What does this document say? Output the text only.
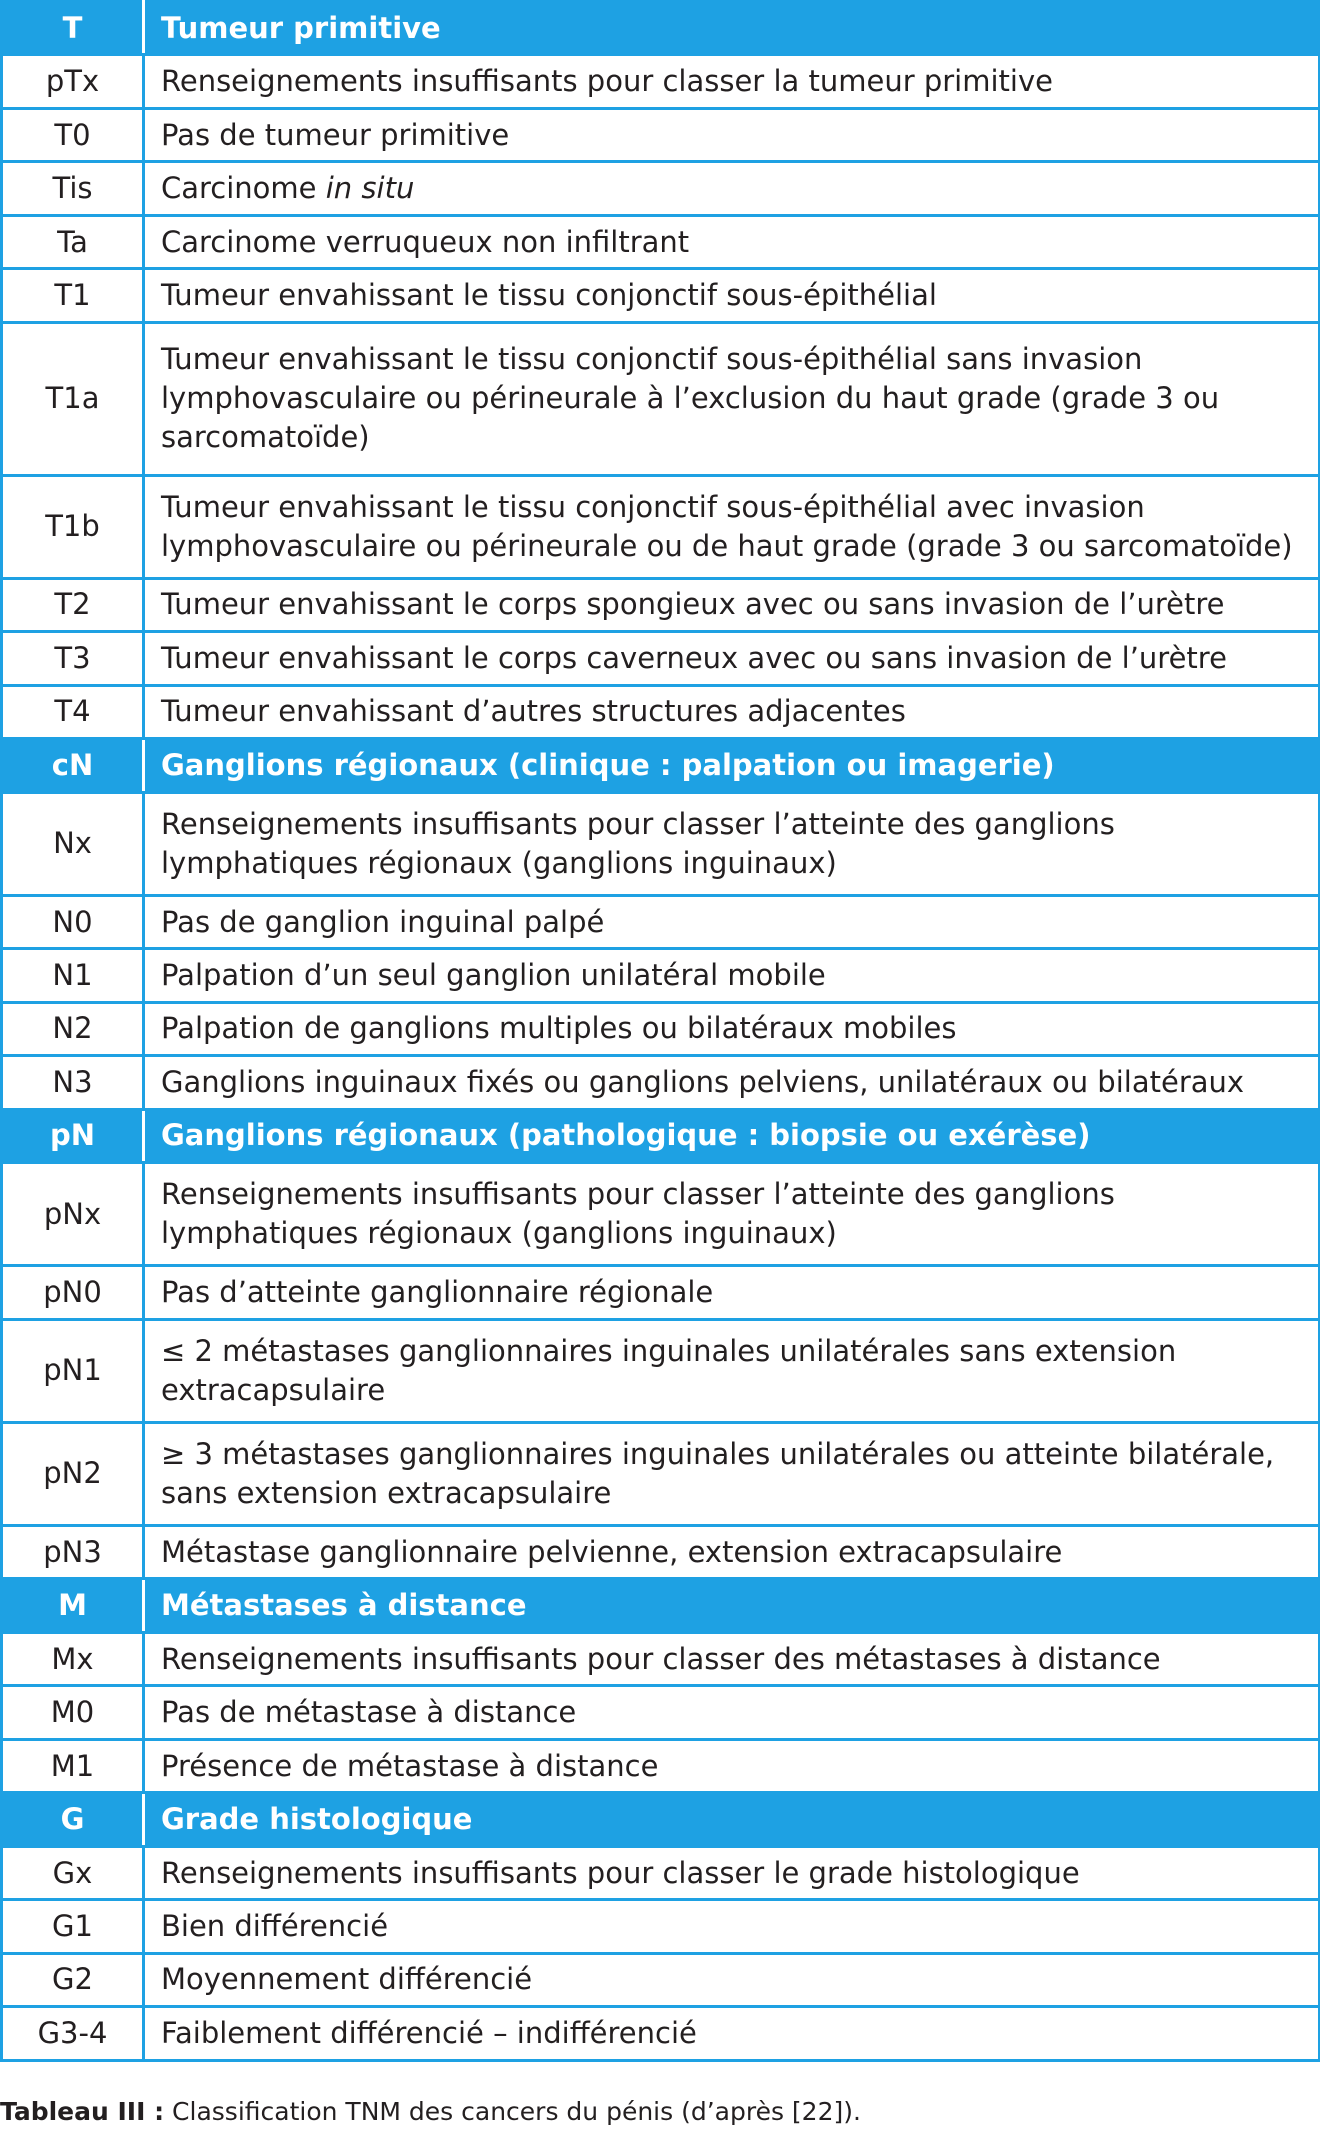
T	Tumeur primitive
pTx	Renseignements insuffisants pour classer la tumeur primitive
T0	Pas de tumeur primitive
Tis	Carcinome in situ
Ta	Carcinome verruqueux non infiltrant
T1	Tumeur envahissant le tissu conjonctif sous-épithélial
T1a	Tumeur envahissant le tissu conjonctif sous-épithélial sans invasion lymphovasculaire ou périneurale à l’exclusion du haut grade (grade 3 ou sarcomatoïde)
T1b	Tumeur envahissant le tissu conjonctif sous-épithélial avec invasion lymphovasculaire ou périneurale ou de haut grade (grade 3 ou sarcomatoïde)
T2	Tumeur envahissant le corps spongieux avec ou sans invasion de l’urètre
T3	Tumeur envahissant le corps caverneux avec ou sans invasion de l’urètre
T4	Tumeur envahissant d’autres structures adjacentes
cN	Ganglions régionaux (clinique : palpation ou imagerie)
Nx	Renseignements insuffisants pour classer l’atteinte des ganglions lymphatiques régionaux (ganglions inguinaux)
N0	Pas de ganglion inguinal palpé
N1	Palpation d’un seul ganglion unilatéral mobile
N2	Palpation de ganglions multiples ou bilatéraux mobiles
N3	Ganglions inguinaux fixés ou ganglions pelviens, unilatéraux ou bilatéraux
pN	Ganglions régionaux (pathologique : biopsie ou exérèse)
pNx	Renseignements insuffisants pour classer l’atteinte des ganglions lymphatiques régionaux (ganglions inguinaux)
pN0	Pas d’atteinte ganglionnaire régionale
pN1	≤ 2 métastases ganglionnaires inguinales unilatérales sans extension extracapsulaire
pN2	≥ 3 métastases ganglionnaires inguinales unilatérales ou atteinte bilatérale, sans extension extracapsulaire
pN3	Métastase ganglionnaire pelvienne, extension extracapsulaire
M	Métastases à distance
Mx	Renseignements insuffisants pour classer des métastases à distance
M0	Pas de métastase à distance
M1	Présence de métastase à distance
G	Grade histologique
Gx	Renseignements insuffisants pour classer le grade histologique
G1	Bien différencié
G2	Moyennement différencié
G3-4	Faiblement différencié – indifférencié
Tableau III : Classification TNM des cancers du pénis (d’après [22]).
